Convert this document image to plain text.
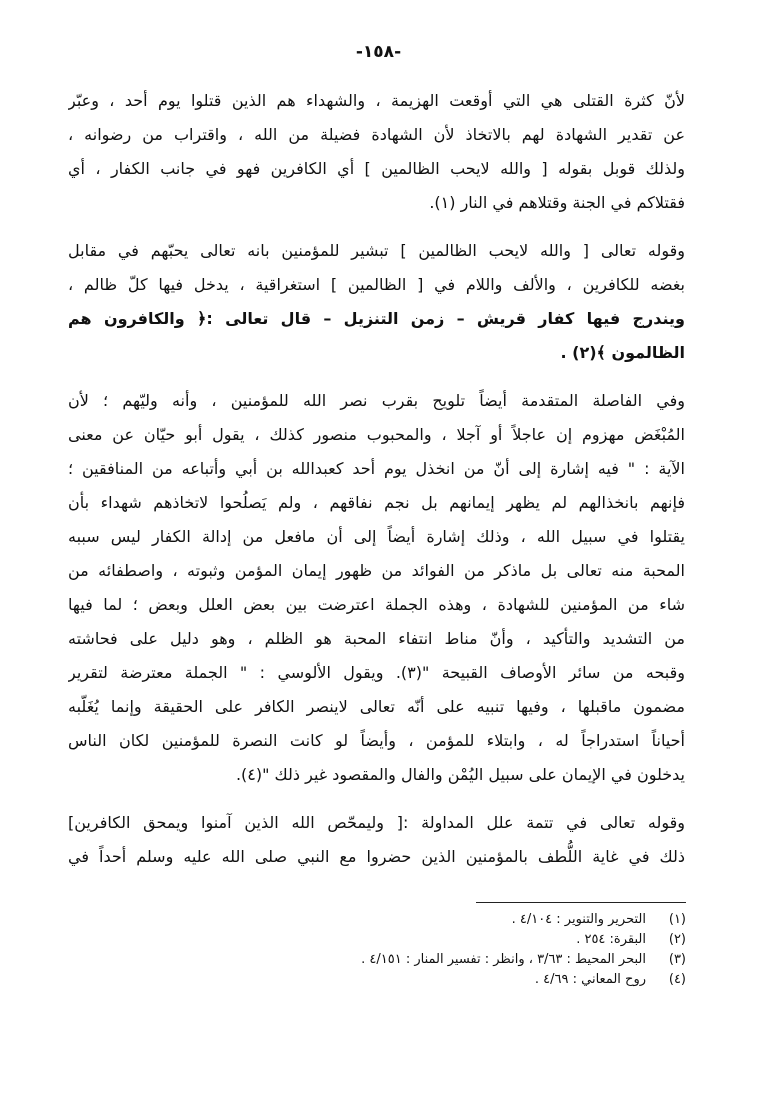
-١٥٨-
لأنّ كثرة القتلى هي التي أوقعت الهزيمة ، والشهداء هم الذين قتلوا يوم أحد ، وعبّر
عن تقدير الشهادة لهم بالاتخاذ لأن الشهادة فضيلة من الله ، واقتراب من رضوانه ،
ولذلك قوبل بقوله [ والله لايحب الظالمين ] أي الكافرين فهو في جانب الكفار ، أي
فقتلاكم في الجنة وقتلاهم في النار (١).
وقوله تعالى [ والله لايحب الظالمين ] تبشير للمؤمنين بانه تعالى يحبّهم في مقابل
بغضه للكافرين ، والألف واللام في [ الظالمين ] استغراقية ، يدخل فيها كلّ ظالم ،
ويندرج فيها كفار قريش – زمن التنزيل – قال تعالى :﴿ والكافرون هم
الظالمون ﴾(٢) .
وفي الفاصلة المتقدمة أيضاً تلويح بقرب نصر الله للمؤمنين ، وأنه وليّهم ؛ لأن
المُبْغَض مهزوم إن عاجلاً أو آجلا ، والمحبوب منصور كذلك ، يقول أبو حيّان عن معنى
الآية : " فيه إشارة إلى أنّ من انخذل يوم أحد كعبدالله بن أبي وأتباعه من المنافقين ؛
فإنهم بانخذالهم لم يظهر إيمانهم بل نجم نفاقهم ، ولم يَصلُحوا لاتخاذهم شهداء بأن
يقتلوا في سبيل الله ، وذلك إشارة أيضاً إلى أن مافعل من إدالة الكفار ليس سببه
المحبة منه تعالى بل ماذكر من الفوائد من ظهور إيمان المؤمن وثبوته ، واصطفائه من
شاء من المؤمنين للشهادة ، وهذه الجملة اعترضت بين بعض العلل وبعض ؛ لما فيها
من التشديد والتأكيد ، وأنّ مناط انتفاء المحبة هو الظلم ، وهو دليل على فحاشته
وقبحه من سائر الأوصاف القبيحة "(٣). ويقول الألوسي : " الجملة معترضة لتقرير
مضمون ماقبلها ، وفيها تنبيه على أنّه تعالى لاينصر الكافر على الحقيقة وإنما يُغَلّبه
أحياناً استدراجاً له ، وابتلاء للمؤمن ، وأيضاً لو كانت النصرة للمؤمنين لكان الناس
يدخلون في الإيمان على سبيل اليُمْن والفال والمقصود غير ذلك "(٤).
وقوله تعالى في تتمة علل المداولة :[ وليمحّص الله الذين آمنوا ويمحق الكافرين]
ذلك في غاية اللُّطف بالمؤمنين الذين حضروا مع النبي صلى الله عليه وسلم أحداً في
(١)
التحرير والتنوير : ٤/١٠٤ .
(٢)
البقرة: ٢٥٤ .
(٣)
البحر المحيط : ٣/٦٣ ، وانظر : تفسير المنار : ٤/١٥١ .
(٤)
روح المعاني : ٤/٦٩ .
